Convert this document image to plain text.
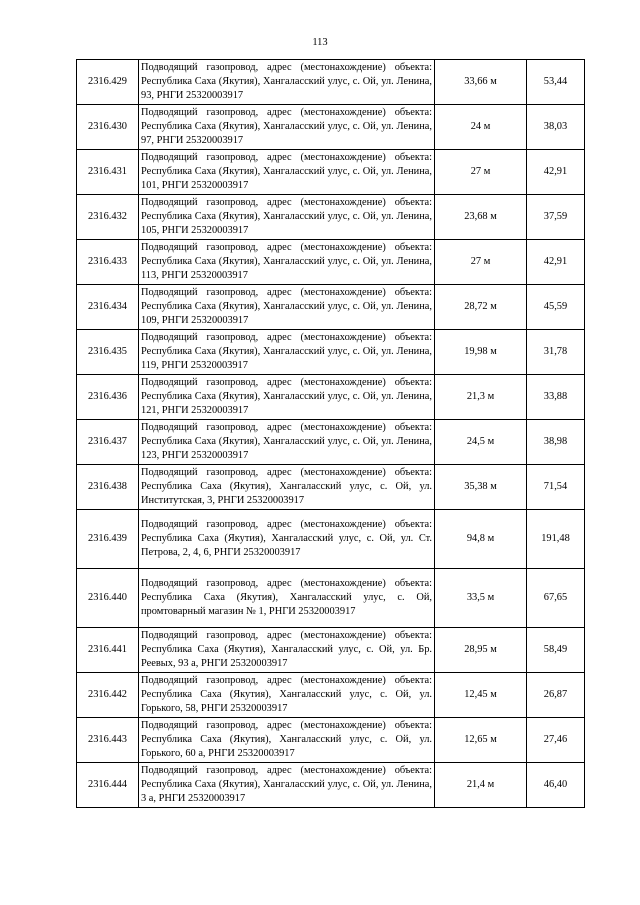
113
2316.429	Подводящий газопровод, адрес (местонахождение) объекта: Республика Саха (Якутия), Хангаласский улус, с. Ой, ул. Ленина, 93, РНГИ 25320003917	33,66 м	53,44
2316.430	Подводящий газопровод, адрес (местонахождение) объекта: Республика Саха (Якутия), Хангаласский улус, с. Ой, ул. Ленина, 97, РНГИ 25320003917	24 м	38,03
2316.431	Подводящий газопровод, адрес (местонахождение) объекта: Республика Саха (Якутия), Хангаласский улус, с. Ой, ул. Ленина, 101, РНГИ 25320003917	27 м	42,91
2316.432	Подводящий газопровод, адрес (местонахождение) объекта: Республика Саха (Якутия), Хангаласский улус, с. Ой, ул. Ленина, 105, РНГИ 25320003917	23,68 м	37,59
2316.433	Подводящий газопровод, адрес (местонахождение) объекта: Республика Саха (Якутия), Хангаласский улус, с. Ой, ул. Ленина, 113, РНГИ 25320003917	27 м	42,91
2316.434	Подводящий газопровод, адрес (местонахождение) объекта: Республика Саха (Якутия), Хангаласский улус, с. Ой, ул. Ленина, 109, РНГИ 25320003917	28,72 м	45,59
2316.435	Подводящий газопровод, адрес (местонахождение) объекта: Республика Саха (Якутия), Хангаласский улус, с. Ой, ул. Ленина, 119, РНГИ 25320003917	19,98 м	31,78
2316.436	Подводящий газопровод, адрес (местонахождение) объекта: Республика Саха (Якутия), Хангаласский улус, с. Ой, ул. Ленина, 121, РНГИ 25320003917	21,3 м	33,88
2316.437	Подводящий газопровод, адрес (местонахождение) объекта: Республика Саха (Якутия), Хангаласский улус, с. Ой, ул. Ленина, 123, РНГИ 25320003917	24,5 м	38,98
2316.438	Подводящий газопровод, адрес (местонахождение) объекта: Республика Саха (Якутия), Хангаласский улус, с. Ой, ул. Институтская, 3, РНГИ 25320003917	35,38 м	71,54
2316.439	Подводящий газопровод, адрес (местонахождение) объекта: Республика Саха (Якутия), Хангаласский улус, с. Ой, ул. Ст. Петрова, 2, 4, 6, РНГИ 25320003917	94,8 м	191,48
2316.440	Подводящий газопровод, адрес (местонахождение) объекта: Республика Саха (Якутия), Хангаласский улус, с. Ой, промтоварный магазин № 1, РНГИ 25320003917	33,5 м	67,65
2316.441	Подводящий газопровод, адрес (местонахождение) объекта: Республика Саха (Якутия), Хангаласский улус, с. Ой, ул. Бр. Реевых, 93 а, РНГИ 25320003917	28,95 м	58,49
2316.442	Подводящий газопровод, адрес (местонахождение) объекта: Республика Саха (Якутия), Хангаласский улус, с. Ой, ул. Горького, 58, РНГИ 25320003917	12,45 м	26,87
2316.443	Подводящий газопровод, адрес (местонахождение) объекта: Республика Саха (Якутия), Хангаласский улус, с. Ой, ул. Горького, 60 а, РНГИ 25320003917	12,65 м	27,46
2316.444	Подводящий газопровод, адрес (местонахождение) объекта: Республика Саха (Якутия), Хангаласский улус, с. Ой, ул. Ленина, 3 а, РНГИ 25320003917	21,4 м	46,40
